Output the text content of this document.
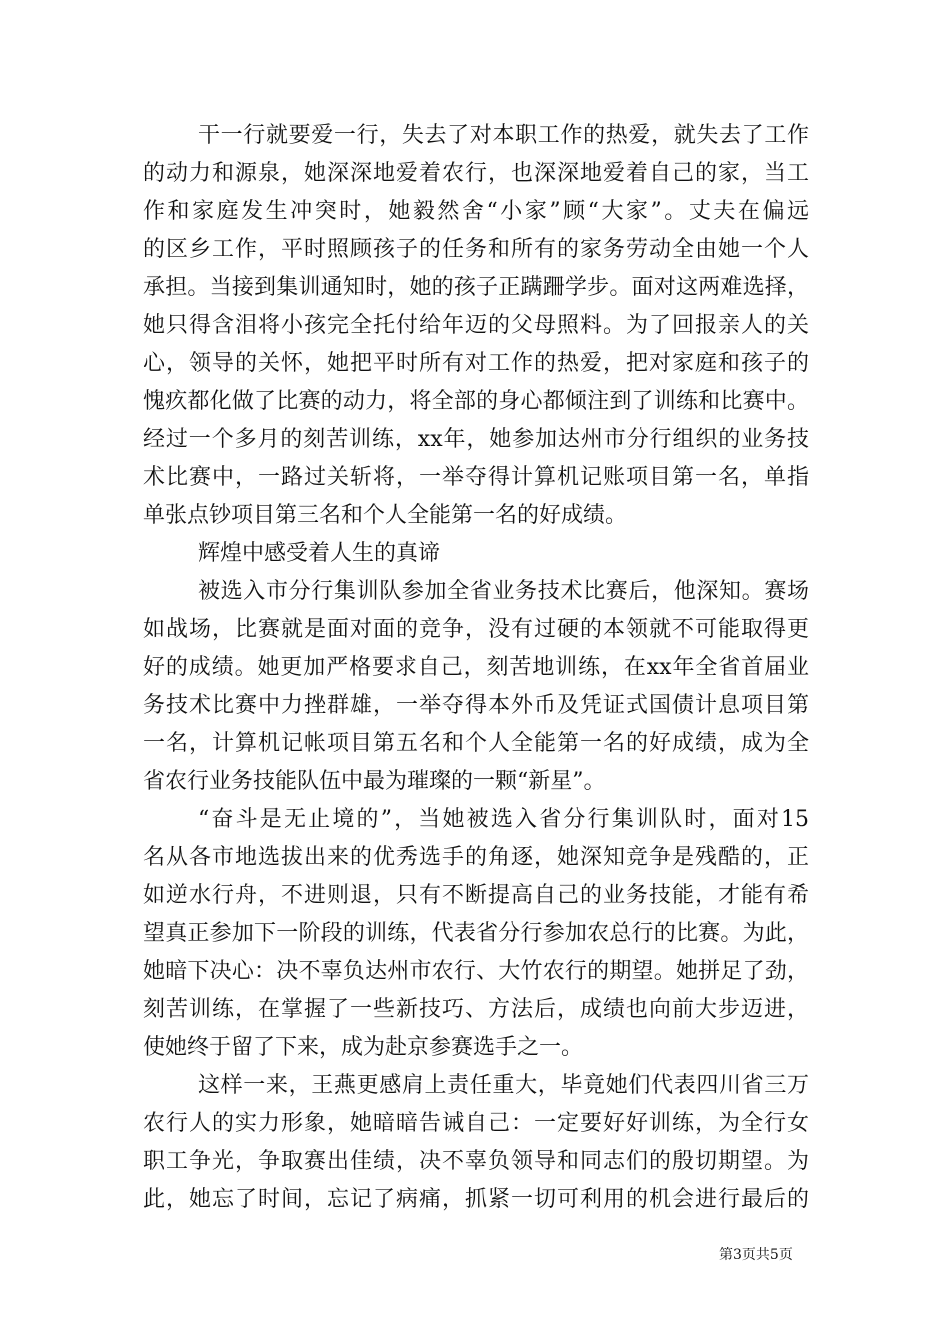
干一行就要爱一行，失去了对本职工作的热爱，就失去了工作
的动力和源泉，她深深地爱着农行，也深深地爱着自己的家，当工
作和家庭发生冲突时，她毅然舍“小家”顾“大家”。丈夫在偏远
的区乡工作，平时照顾孩子的任务和所有的家务劳动全由她一个人
承担。当接到集训通知时，她的孩子正蹒跚学步。面对这两难选择，
她只得含泪将小孩完全托付给年迈的父母照料。为了回报亲人的关
心，领导的关怀，她把平时所有对工作的热爱，把对家庭和孩子的
愧疚都化做了比赛的动力，将全部的身心都倾注到了训练和比赛中。
经过一个多月的刻苦训练，xx年，她参加达州市分行组织的业务技
术比赛中，一路过关斩将，一举夺得计算机记账项目第一名，单指
单张点钞项目第三名和个人全能第一名的好成绩。
辉煌中感受着人生的真谛
被选入市分行集训队参加全省业务技术比赛后，他深知。赛场
如战场，比赛就是面对面的竞争，没有过硬的本领就不可能取得更
好的成绩。她更加严格要求自己，刻苦地训练，在xx年全省首届业
务技术比赛中力挫群雄，一举夺得本外币及凭证式国债计息项目第
一名，计算机记帐项目第五名和个人全能第一名的好成绩，成为全
省农行业务技能队伍中最为璀璨的一颗“新星”。
“奋斗是无止境的”，当她被选入省分行集训队时，面对15
名从各市地选拔出来的优秀选手的角逐，她深知竞争是残酷的，正
如逆水行舟，不进则退，只有不断提高自己的业务技能，才能有希
望真正参加下一阶段的训练，代表省分行参加农总行的比赛。为此，
她暗下决心：决不辜负达州市农行、大竹农行的期望。她拼足了劲，
刻苦训练，在掌握了一些新技巧、方法后，成绩也向前大步迈进，
使她终于留了下来，成为赴京参赛选手之一。
这样一来，王燕更感肩上责任重大，毕竟她们代表四川省三万
农行人的实力形象，她暗暗告诫自己：一定要好好训练，为全行女
职工争光，争取赛出佳绩，决不辜负领导和同志们的殷切期望。为
此，她忘了时间，忘记了病痛，抓紧一切可利用的机会进行最后的
第3页共5页
